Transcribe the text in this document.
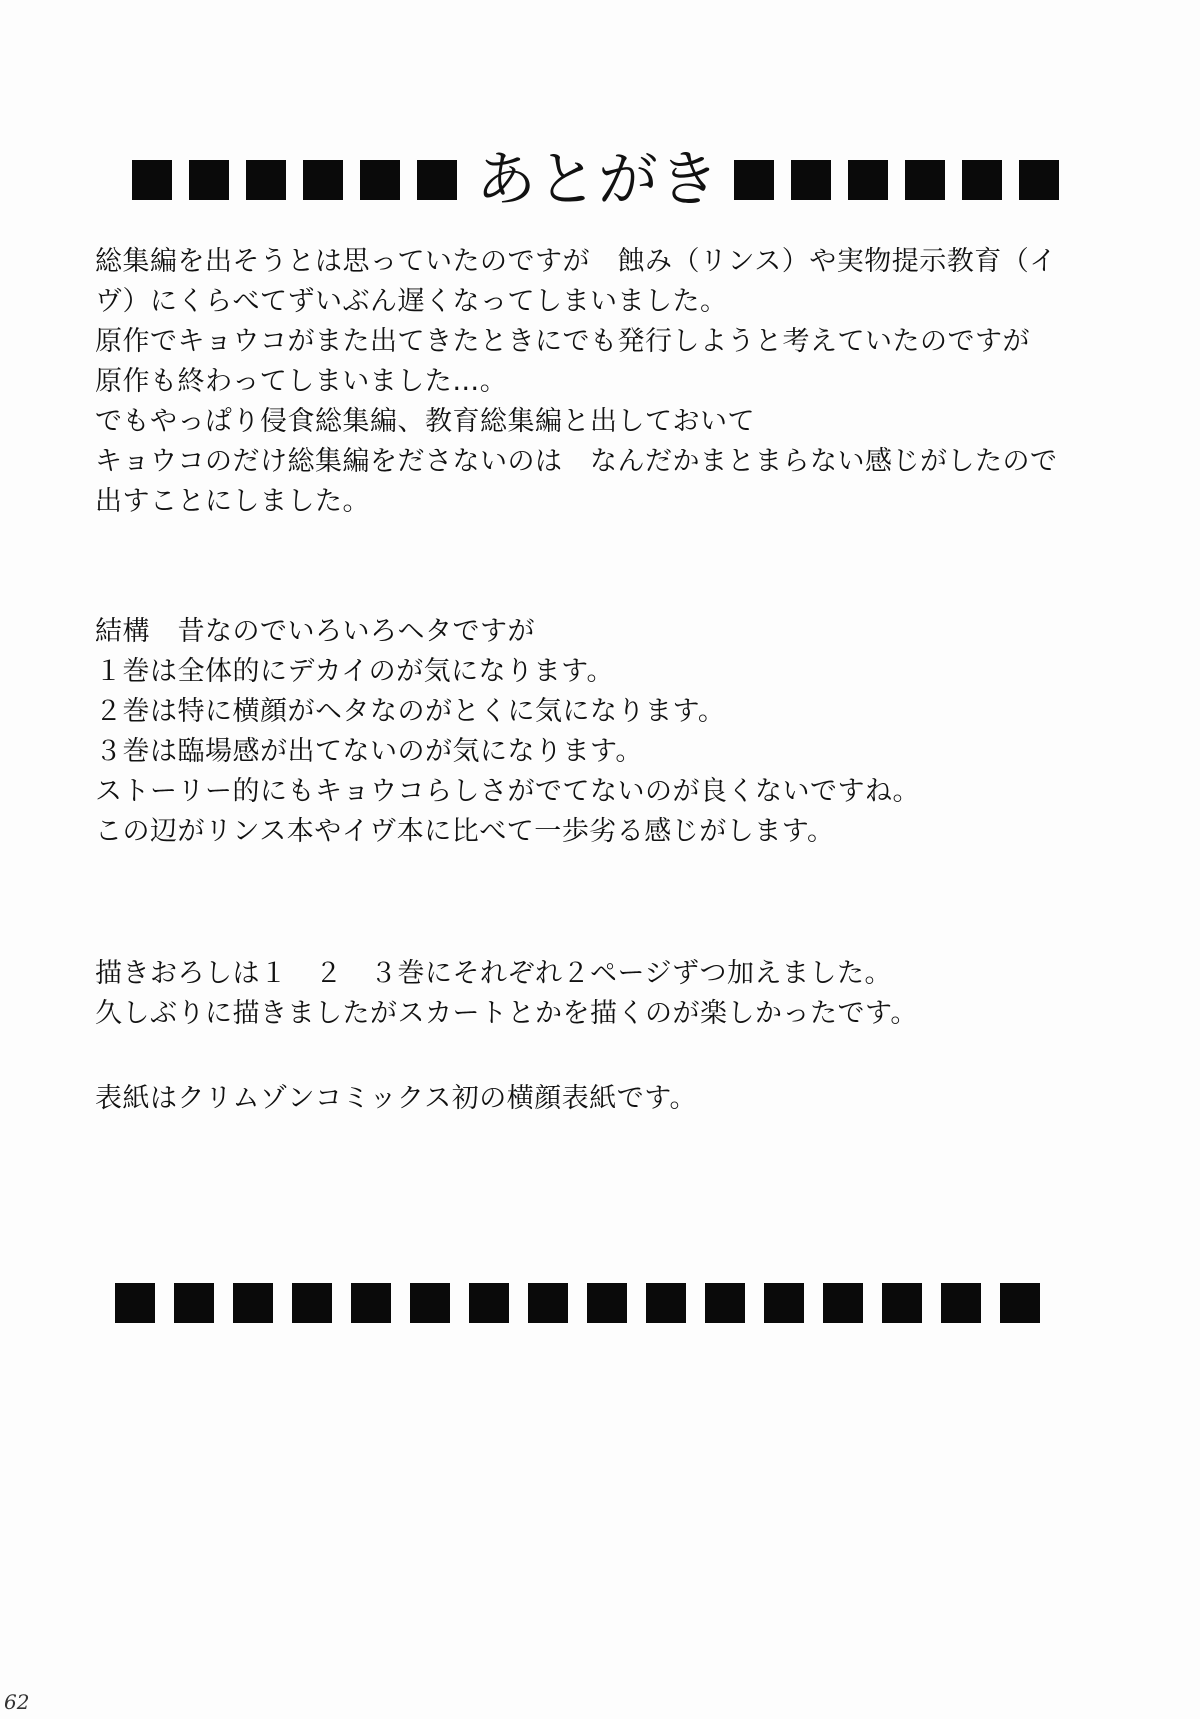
あとがき
総集編を出そうとは思っていたのですが　蝕み（リンス）や実物提示教育（イ
ヴ）にくらべてずいぶん遅くなってしまいました。
原作でキョウコがまた出てきたときにでも発行しようと考えていたのですが
原作も終わってしまいました…。
でもやっぱり侵食総集編、教育総集編と出しておいて
キョウコのだけ総集編をださないのは　なんだかまとまらない感じがしたので
出すことにしました。
結構　昔なのでいろいろヘタですが
１巻は全体的にデカイのが気になります。
２巻は特に横顔がヘタなのがとくに気になります。
３巻は臨場感が出てないのが気になります。
ストーリー的にもキョウコらしさがでてないのが良くないですね。
この辺がリンス本やイヴ本に比べて一歩劣る感じがします。
描きおろしは１　２　３巻にそれぞれ２ページずつ加えました。
久しぶりに描きましたがスカートとかを描くのが楽しかったです。
表紙はクリムゾンコミックス初の横顔表紙です。
62
